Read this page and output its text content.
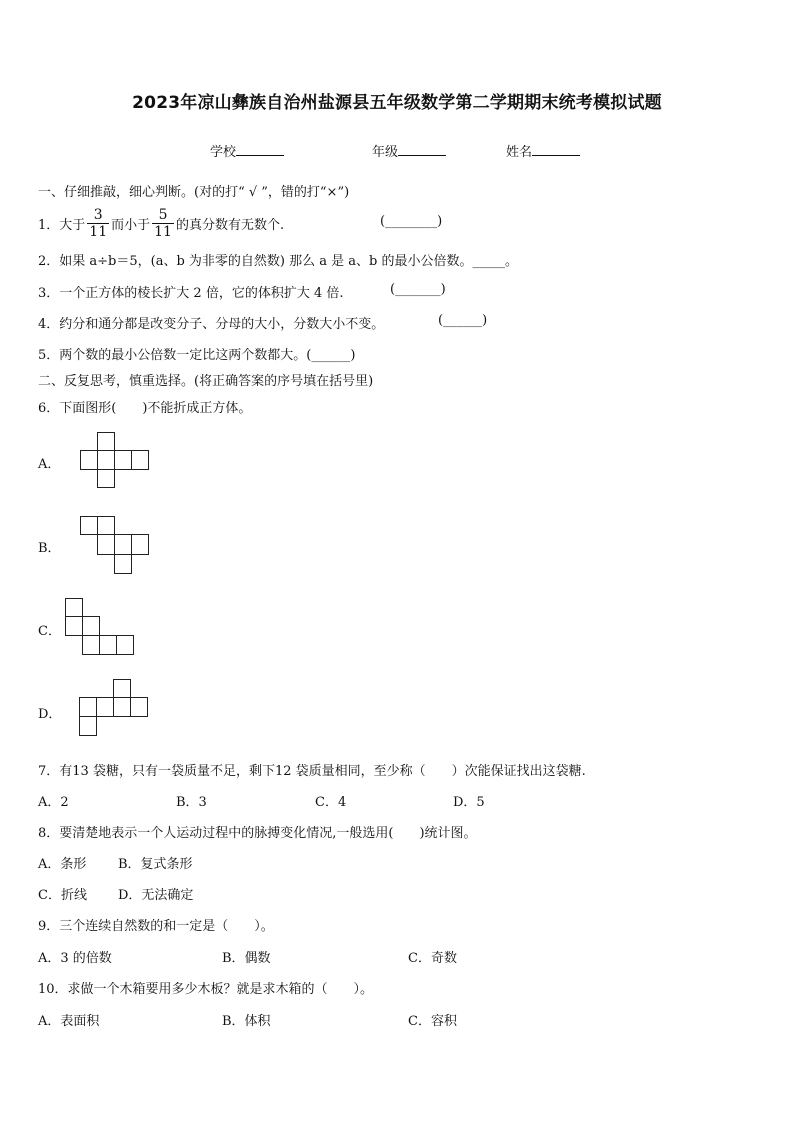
2023年凉山彝族自治州盐源县五年级数学第二学期期末统考模拟试题
学校	年级	姓名
一、仔细推敲，细心判断。(对的打“ √ ”，错的打“×”)
1． 大于 $\frac{3}{11}$ 而小于 $\frac{5}{11}$ 的真分数有无数个.	(________)
2．如果 a÷b＝5，(a、b 为非零的自然数) 那么 a 是 a、b 的最小公倍数。_____。
3．一个正方体的棱长扩大 2 倍，它的体积扩大 4 倍.	(_______)
4．约分和通分都是改变分子、分母的大小，分数大小不变。	(______)
5．两个数的最小公倍数一定比这两个数都大。(______)
二、反复思考，慎重选择。(将正确答案的序号填在括号里)
6．下面图形(　　)不能折成正方体。
A．
B．
C．
D．
7．有13 袋糖，只有一袋质量不足，剩下12 袋质量相同，至少称（　　）次能保证找出这袋糖.
A．2	B．3	C．4	D．5
8．要清楚地表示一个人运动过程中的脉搏变化情况,一般选用(　　)统计图。
A．条形 B．复式条形
C．折线 D．无法确定
9．三个连续自然数的和一定是（　　）。
A．3 的倍数	B．偶数	C．奇数
10．求做一个木箱要用多少木板？就是求木箱的（　　）。
A．表面积	B．体积	C．容积
